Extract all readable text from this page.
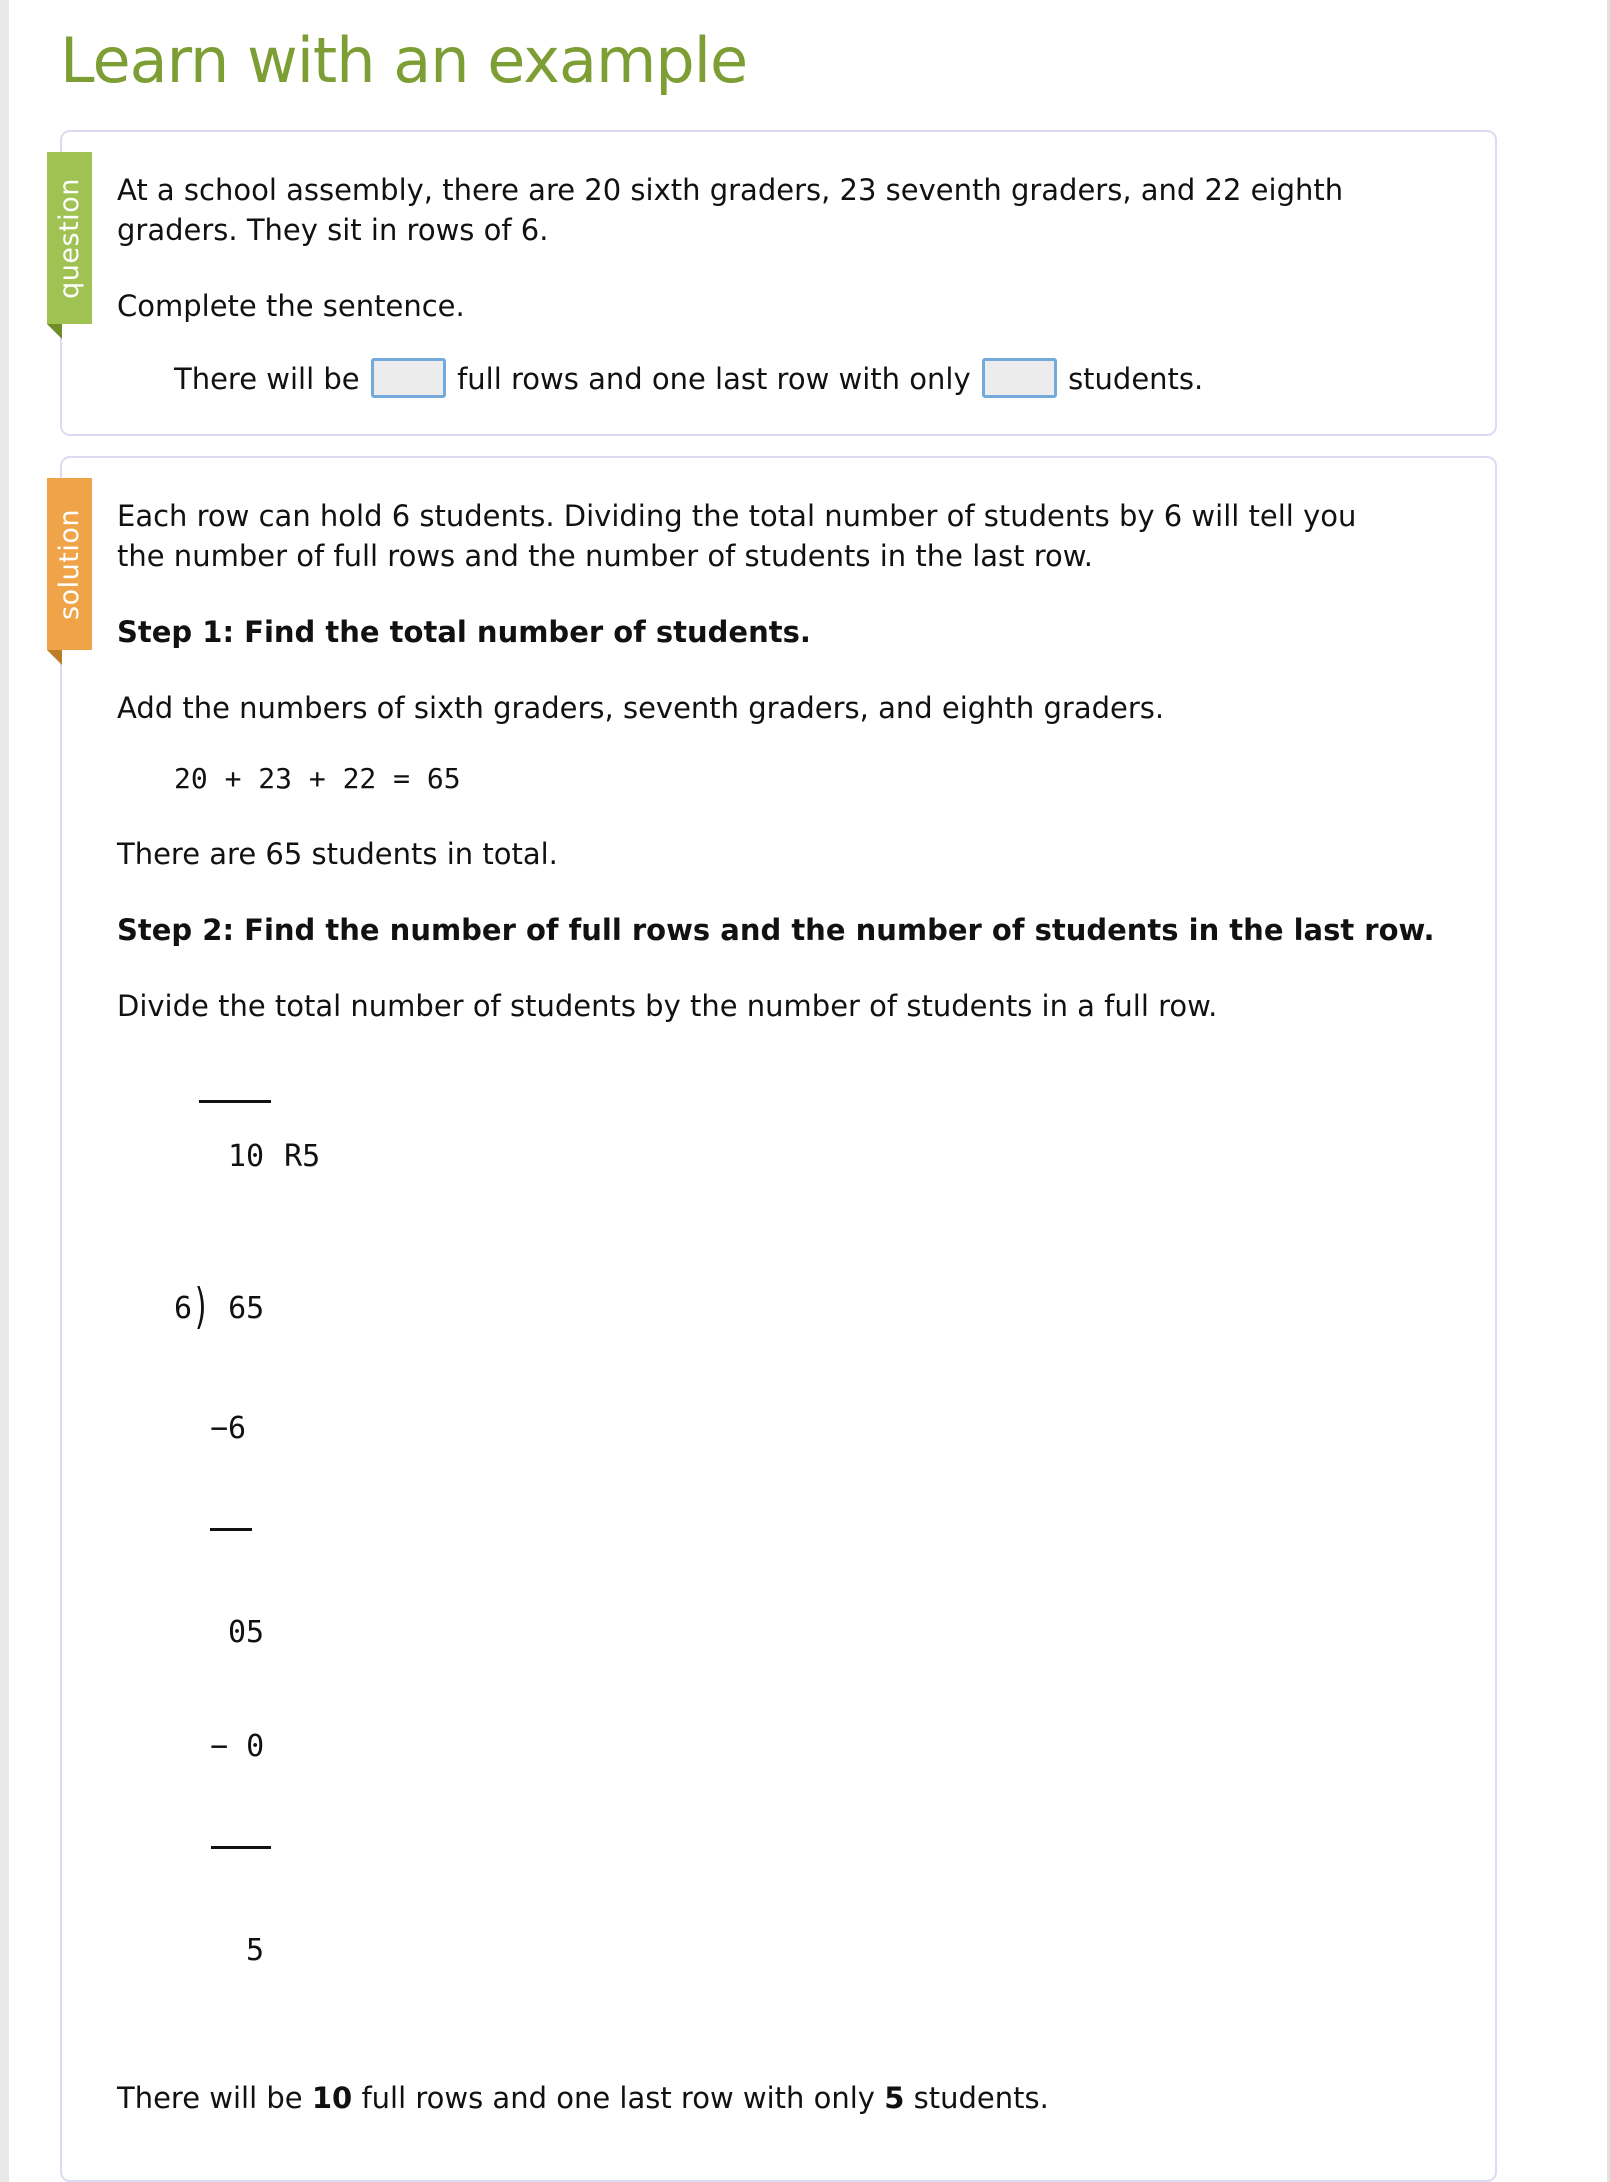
Learn with an example
question At a school assembly, there are 20 sixth graders, 23 seventh graders, and 22 eighth graders. They sit in rows of 6.

Complete the sentence.

There will be	full rows and one last row with only	students.
solution Each row can hold 6 students. Dividing the total number of students by 6 will tell you the number of full rows and the number of students in the last row.

Step 1: Find the total number of students.

Add the numbers of sixth graders, seventh graders, and eighth graders.

20 + 23 + 22 = 65

There are 65 students in total.

Step 2: Find the number of full rows and the number of students in the last row.

Divide the total number of students by the number of students in a full row.

10 R5

6) 65

−6

05

− 0

5

There will be 10 full rows and one last row with only 5 students.
